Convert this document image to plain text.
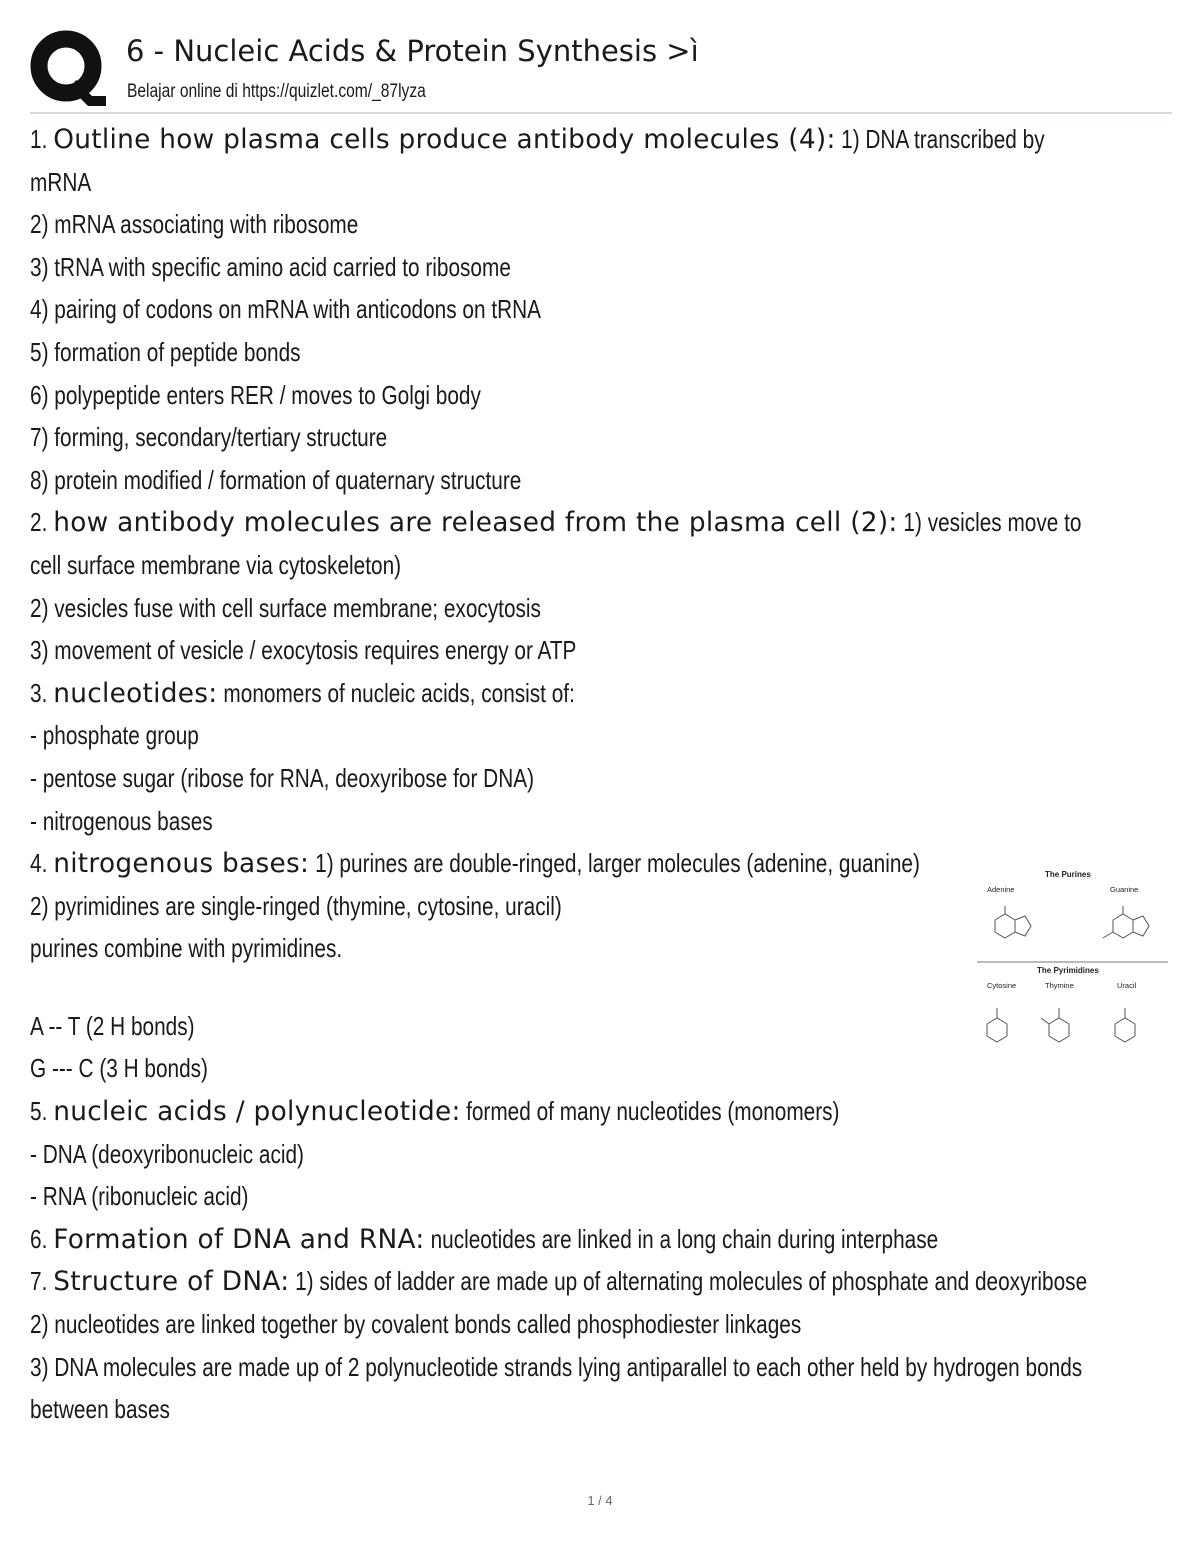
6 - Nucleic Acids & Protein Synthesis >ì
Belajar online di https://quizlet.com/_87lyza
1. Outline how plasma cells produce antibody molecules (4): 1) DNA transcribed by
mRNA
2) mRNA associating with ribosome
3) tRNA with specific amino acid carried to ribosome
4) pairing of codons on mRNA with anticodons on tRNA
5) formation of peptide bonds
6) polypeptide enters RER / moves to Golgi body
7) forming, secondary/tertiary structure
8) protein modified / formation of quaternary structure
2. how antibody molecules are released from the plasma cell (2): 1) vesicles move to
cell surface membrane via cytoskeleton)
2) vesicles fuse with cell surface membrane; exocytosis
3) movement of vesicle / exocytosis requires energy or ATP
3. nucleotides: monomers of nucleic acids, consist of:
- phosphate group
- pentose sugar (ribose for RNA, deoxyribose for DNA)
- nitrogenous bases
4. nitrogenous bases: 1) purines are double-ringed, larger molecules (adenine, guanine)
2) pyrimidines are single-ringed (thymine, cytosine, uracil)
purines combine with pyrimidines.
A -- T (2 H bonds)
G --- C (3 H bonds)
5. nucleic acids / polynucleotide: formed of many nucleotides (monomers)
- DNA (deoxyribonucleic acid)
- RNA (ribonucleic acid)
6. Formation of DNA and RNA: nucleotides are linked in a long chain during interphase
7. Structure of DNA: 1) sides of ladder are made up of alternating molecules of phosphate and deoxyribose
2) nucleotides are linked together by covalent bonds called phosphodiester linkages
3) DNA molecules are made up of 2 polynucleotide strands lying antiparallel to each other held by hydrogen bonds
between bases
The Purines
Adenine	Guanine
The Pyrimidines
Cytosine	Thymine	Uracil
1 / 4
